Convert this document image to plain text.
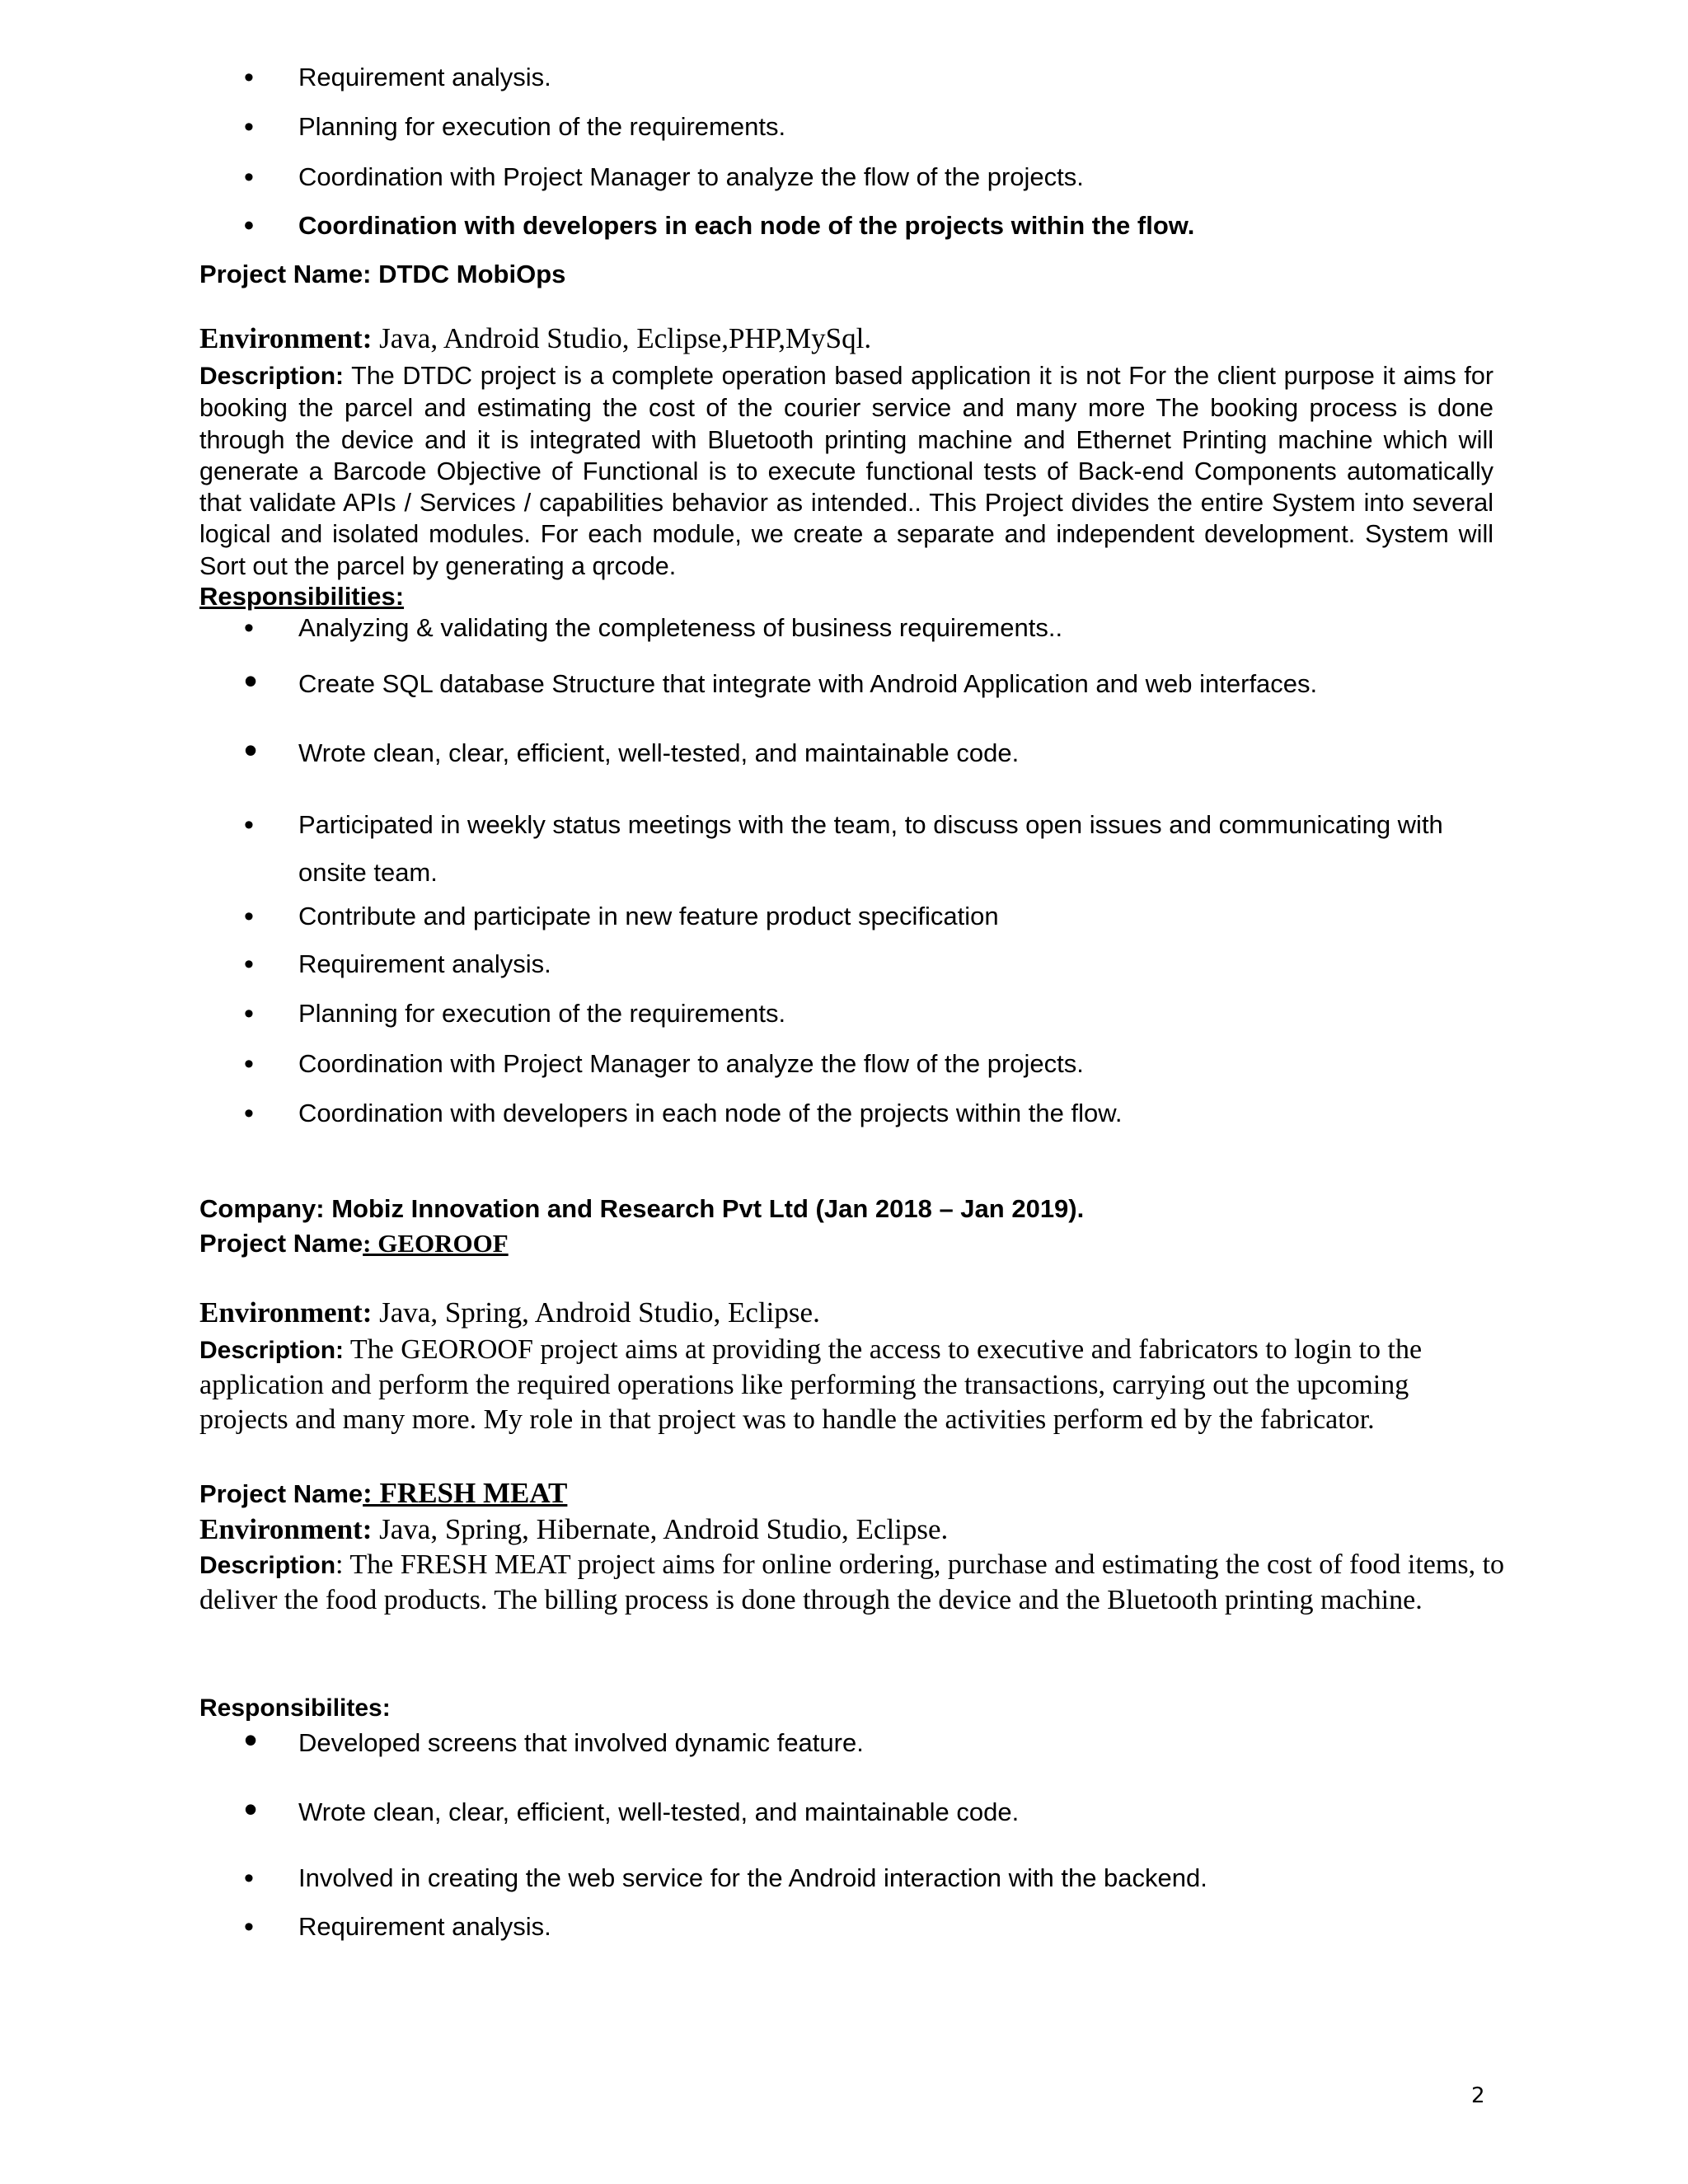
• Requirement analysis.
• Planning for execution of the requirements.
• Coordination with Project Manager to analyze the flow of the projects.
• Coordination with developers in each node of the projects within the flow.
Project Name: DTDC MobiOps
Environment: Java, Android Studio, Eclipse,PHP,MySql.
Description: The DTDC project is a complete operation based application it is not For the client purpose it aims for booking the parcel and estimating the cost of the courier service and many more The booking process is done through the device and it is integrated with Bluetooth printing machine and Ethernet Printing machine which will generate a Barcode Objective of Functional is to execute functional tests of Back-end Components automatically that validate APIs / Services / capabilities behavior as intended.. This Project divides the entire System into several logical and isolated modules. For each module, we create a separate and independent development. System will Sort out the parcel by generating a qrcode.
Responsibilities:
• Analyzing & validating the completeness of business requirements..
• Create SQL database Structure that integrate with Android Application and web interfaces.
• Wrote clean, clear, efficient, well-tested, and maintainable code.
• Participated in weekly status meetings with the team, to discuss open issues and communicating with onsite team.
• Contribute and participate in new feature product specification
• Requirement analysis.
• Planning for execution of the requirements.
• Coordination with Project Manager to analyze the flow of the projects.
• Coordination with developers in each node of the projects within the flow.
Company: Mobiz Innovation and Research Pvt Ltd (Jan 2018 – Jan 2019).
Project Name: GEOROOF
Environment: Java, Spring, Android Studio, Eclipse.
Description: The GEOROOF project aims at providing the access to executive and fabricators to login to the application and perform the required operations like performing the transactions, carrying out the upcoming projects and many more. My role in that project was to handle the activities perform ed by the fabricator.
Project Name: FRESH MEAT
Environment: Java, Spring, Hibernate, Android Studio, Eclipse.
Description: The FRESH MEAT project aims for online ordering, purchase and estimating the cost of food items, to deliver the food products. The billing process is done through the device and the Bluetooth printing machine.
Responsibilites:
• Developed screens that involved dynamic feature.
• Wrote clean, clear, efficient, well-tested, and maintainable code.
• Involved in creating the web service for the Android interaction with the backend.
• Requirement analysis.
2
